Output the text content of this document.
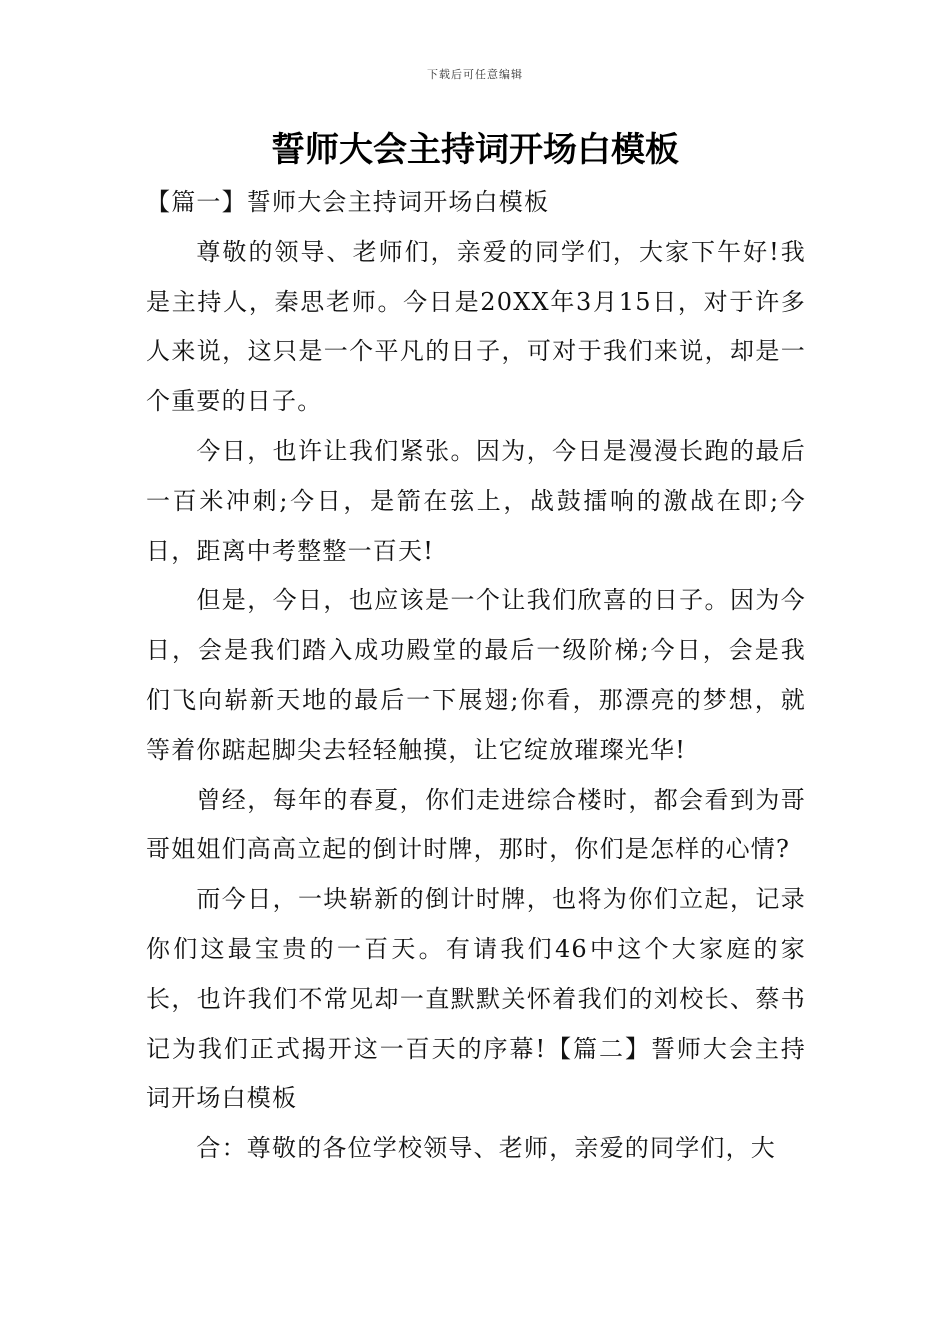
下载后可任意编辑
誓师大会主持词开场白模板

【篇一】誓师大会主持词开场白模板

尊敬的领导、老师们，亲爱的同学们，大家下午好!我是主持人，秦思老师。今日是20XX年3月15日，对于许多人来说，这只是一个平凡的日子，可对于我们来说，却是一个重要的日子。

今日，也许让我们紧张。因为，今日是漫漫长跑的最后一百米冲刺;今日，是箭在弦上，战鼓擂响的激战在即;今日，距离中考整整一百天!

但是，今日，也应该是一个让我们欣喜的日子。因为今日，会是我们踏入成功殿堂的最后一级阶梯;今日，会是我们飞向崭新天地的最后一下展翅;你看，那漂亮的梦想，就等着你踮起脚尖去轻轻触摸，让它绽放璀璨光华!

曾经，每年的春夏，你们走进综合楼时，都会看到为哥哥姐姐们高高立起的倒计时牌，那时，你们是怎样的心情?

而今日，一块崭新的倒计时牌，也将为你们立起，记录你们这最宝贵的一百天。有请我们46中这个大家庭的家长，也许我们不常见却一直默默关怀着我们的刘校长、蔡书记为我们正式揭开这一百天的序幕!【篇二】誓师大会主持词开场白模板

合：尊敬的各位学校领导、老师，亲爱的同学们，大
